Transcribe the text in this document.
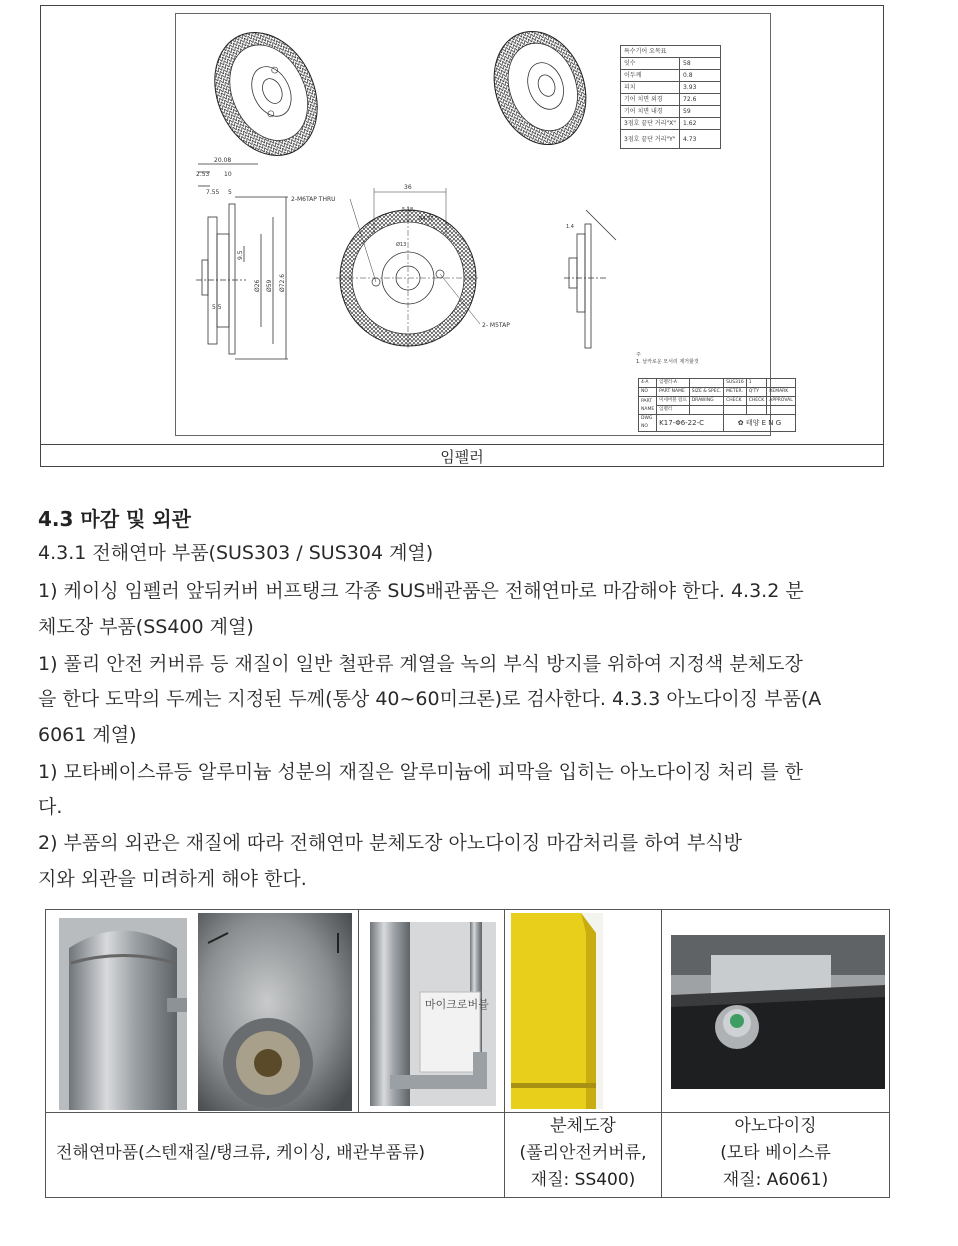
20.08
2.53 10
7.55 5
5.5
Ø26 Ø59 Ø72.6
9.5
36
5.18
R4.77
Ø13
2-M6TAP THRU
2- M5TAP
1.4
특수기어 요목표	
잇수	58
이두께	0.8
피치	3.93
기어 치면 외경	72.6
기어 치면 내경	59
3점호 끝단 거리"X"	1.62
3점호 끝단 거리"Y"	4.73
주
1. 날카로운 모서리 제거할것
4-A	임펠러-A		SUS316	1	
NO	PART NAME	SIZE & SPEC.	METER.	Q'TY	REMARK
PART NAME	미세버블 펌프	DRAWING	CHECK	CHECK	APPROVAL
	임펠러				
DWG NO	K17-Φ6-22-C		✿ 태양 E N G		
임펠러
4.3 마감 및 외관
4.3.1 전해연마 부품(SUS303 / SUS304 계열)
1) 케이싱 임펠러 앞뒤커버 버프탱크 각종 SUS배관품은 전해연마로 마감해야 한다. 4.3.2 분
체도장 부품(SS400 계열)
1) 풀리 안전 커버류 등 재질이 일반 철판류 계열을 녹의 부식 방지를 위하여 지정색 분체도장
을 한다 도막의 두께는 지정된 두께(통상 40~60미크론)로 검사한다. 4.3.3 아노다이징 부품(A
6061 계열)
1) 모타베이스류등 알루미늄 성분의 재질은 알루미늄에 피막을 입히는 아노다이징 처리 를 한
다.
2) 부품의 외관은 재질에 따라 전해연마 분체도장 아노다이징 마감처리를 하여 부식방
지와 외관을 미려하게 해야 한다.
마이크로버블
전해연마품(스텐재질/탱크류, 케이싱, 배관부품류)
분체도장
(풀리안전커버류,
재질: SS400)
아노다이징
(모타 베이스류
재질: A6061)
